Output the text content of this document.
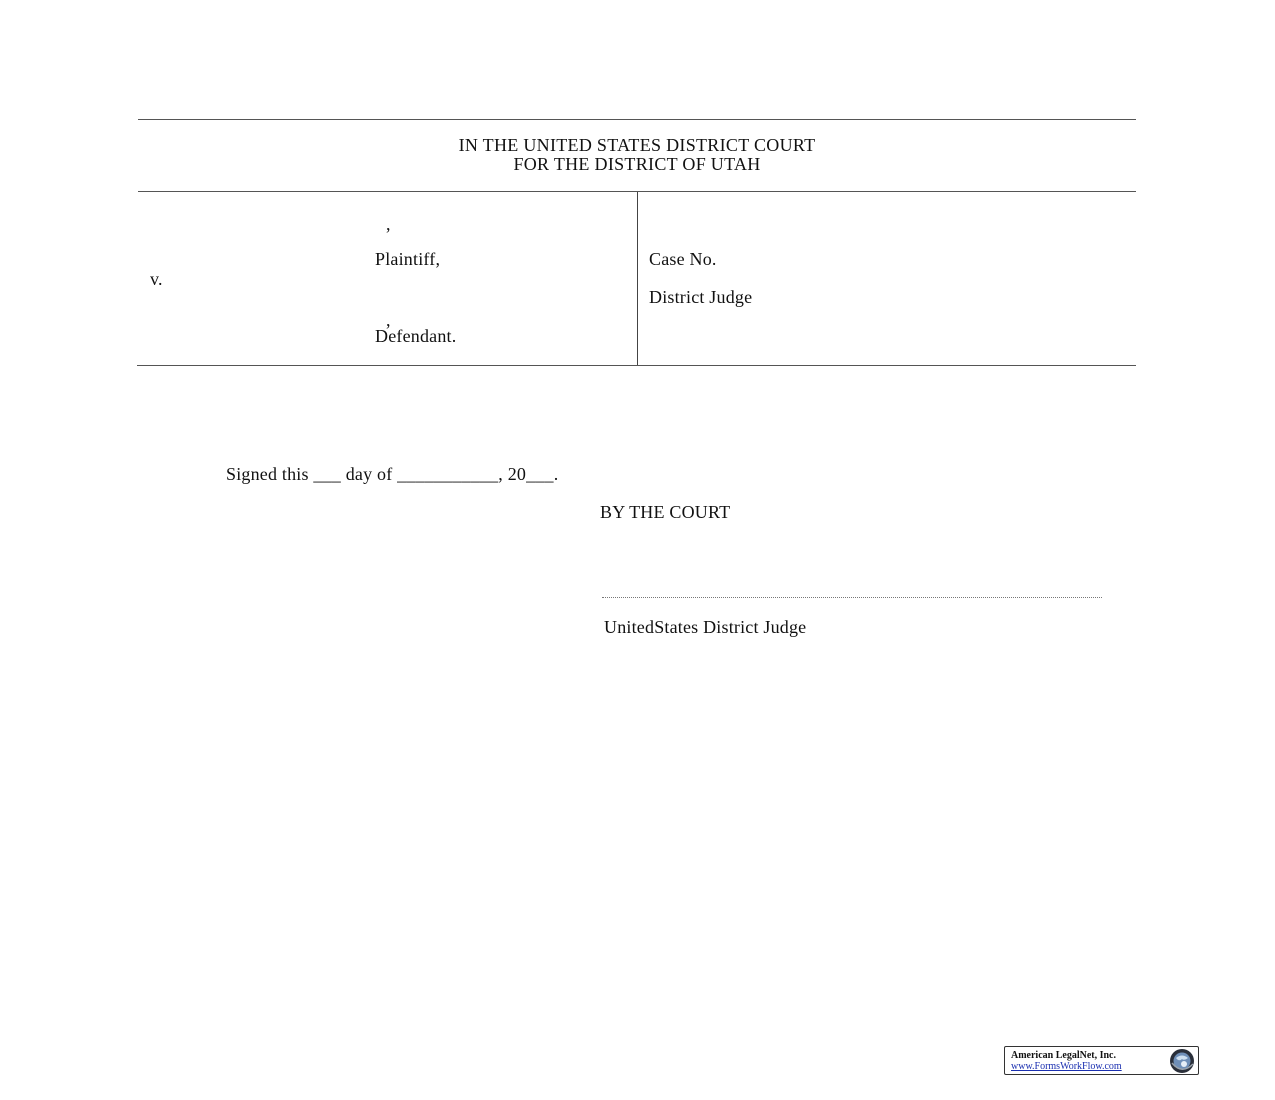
IN THE UNITED STATES DISTRICT COURT
FOR THE DISTRICT OF UTAH
,
Plaintiff,
v.
,
Defendant.
Case No.
District Judge
Signed this ___ day of ___________, 20___.
BY THE COURT
UnitedStates District Judge
American LegalNet, Inc.
www.FormsWorkFlow.com
